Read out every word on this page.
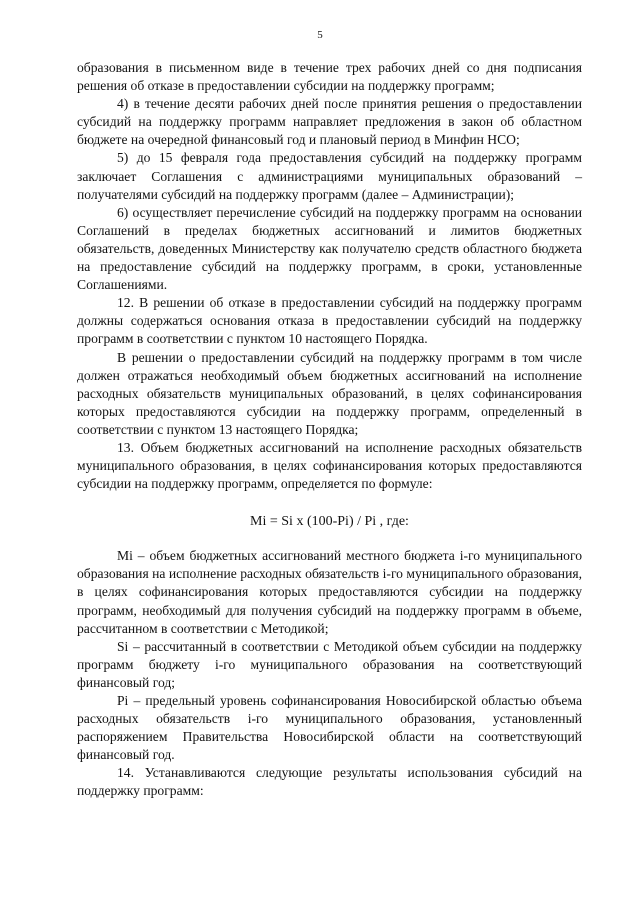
5

образования в письменном виде в течение трех рабочих дней со дня подписания решения об отказе в предоставлении субсидии на поддержку программ;

4) в течение десяти рабочих дней после принятия решения о предоставлении субсидий на поддержку программ направляет предложения в закон об областном бюджете на очередной финансовый год и плановый период в Минфин НСО;

5) до 15 февраля года предоставления субсидий на поддержку программ заключает Соглашения с администрациями муниципальных образований – получателями субсидий на поддержку программ (далее – Администрации);

6) осуществляет перечисление субсидий на поддержку программ на основании Соглашений в пределах бюджетных ассигнований и лимитов бюджетных обязательств, доведенных Министерству как получателю средств областного бюджета на предоставление субсидий на поддержку программ, в сроки, установленные Соглашениями.

12. В решении об отказе в предоставлении субсидий на поддержку программ должны содержаться основания отказа в предоставлении субсидий на поддержку программ в соответствии с пунктом 10 настоящего Порядка.

В решении о предоставлении субсидий на поддержку программ в том числе должен отражаться необходимый объем бюджетных ассигнований на исполнение расходных обязательств муниципальных образований, в целях софинансирования которых предоставляются субсидии на поддержку программ, определенный в соответствии с пунктом 13 настоящего Порядка;

13. Объем бюджетных ассигнований на исполнение расходных обязательств муниципального образования, в целях софинансирования которых предоставляются субсидии на поддержку программ, определяется по формуле:

Mi = Si x (100-Pi) / Pi , где:

Mi – объем бюджетных ассигнований местного бюджета i-го муниципального образования на исполнение расходных обязательств i-го муниципального образования, в целях софинансирования которых предоставляются субсидии на поддержку программ, необходимый для получения субсидий на поддержку программ в объеме, рассчитанном в соответствии с Методикой;

Si – рассчитанный в соответствии с Методикой объем субсидии на поддержку программ бюджету i-го муниципального образования на соответствующий финансовый год;

Pi – предельный уровень софинансирования Новосибирской областью объема расходных обязательств i-го муниципального образования, установленный распоряжением Правительства Новосибирской области на соответствующий финансовый год.

14. Устанавливаются следующие результаты использования субсидий на поддержку программ:
